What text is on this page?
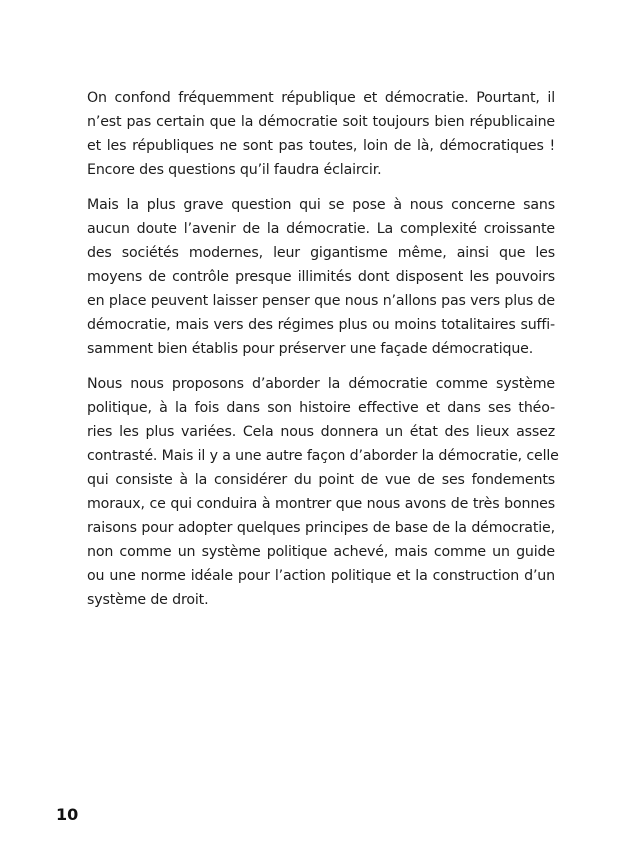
On confond fréquemment république et démocratie. Pourtant, il
n’est pas certain que la démocratie soit toujours bien républicaine
et les républiques ne sont pas toutes, loin de là, démocratiques !
Encore des questions qu’il faudra éclaircir.
Mais la plus grave question qui se pose à nous concerne sans
aucun doute l’avenir de la démocratie. La complexité croissante
des sociétés modernes, leur gigantisme même, ainsi que les
moyens de contrôle presque illimités dont disposent les pouvoirs
en place peuvent laisser penser que nous n’allons pas vers plus de
démocratie, mais vers des régimes plus ou moins totalitaires suffi-
samment bien établis pour préserver une façade démocratique.
Nous nous proposons d’aborder la démocratie comme système
politique, à la fois dans son histoire effective et dans ses théo-
ries les plus variées. Cela nous donnera un état des lieux assez
contrasté. Mais il y a une autre façon d’aborder la démocratie, celle
qui consiste à la considérer du point de vue de ses fondements
moraux, ce qui conduira à montrer que nous avons de très bonnes
raisons pour adopter quelques principes de base de la démocratie,
non comme un système politique achevé, mais comme un guide
ou une norme idéale pour l’action politique et la construction d’un
système de droit.
10
